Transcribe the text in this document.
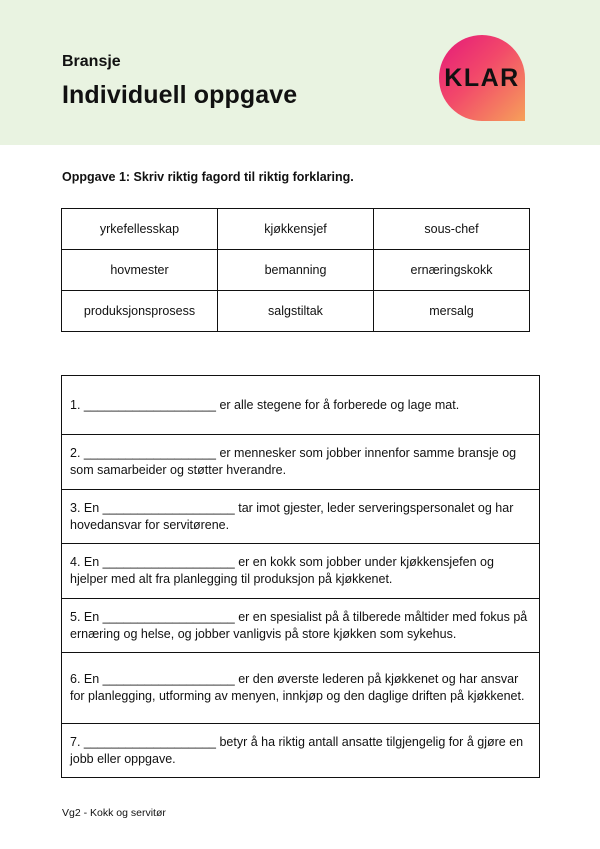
Bransje
Individuell oppgave
KLAR
Oppgave 1: Skriv riktig fagord til riktig forklaring.
yrkefellesskap	kjøkkensjef	sous-chef
hovmester	bemanning	ernæringskokk
produksjonsprosess	salgstiltak	mersalg
1. ___________________ er alle stegene for å forberede og lage mat.
2. ___________________ er mennesker som jobber innenfor samme bransje og som samarbeider og støtter hverandre.
3. En ___________________ tar imot gjester, leder serveringspersonalet og har hovedansvar for servitørene.
4. En ___________________ er en kokk som jobber under kjøkkensjefen og hjelper med alt fra planlegging til produksjon på kjøkkenet.
5. En ___________________ er en spesialist på å tilberede måltider med fokus på ernæring og helse, og jobber vanligvis på store kjøkken som sykehus.
6. En ___________________ er den øverste lederen på kjøkkenet og har ansvar for planlegging, utforming av menyen, innkjøp og den daglige driften på kjøkkenet.
7. ___________________ betyr å ha riktig antall ansatte tilgjengelig for å gjøre en jobb eller oppgave.
Vg2 - Kokk og servitør
